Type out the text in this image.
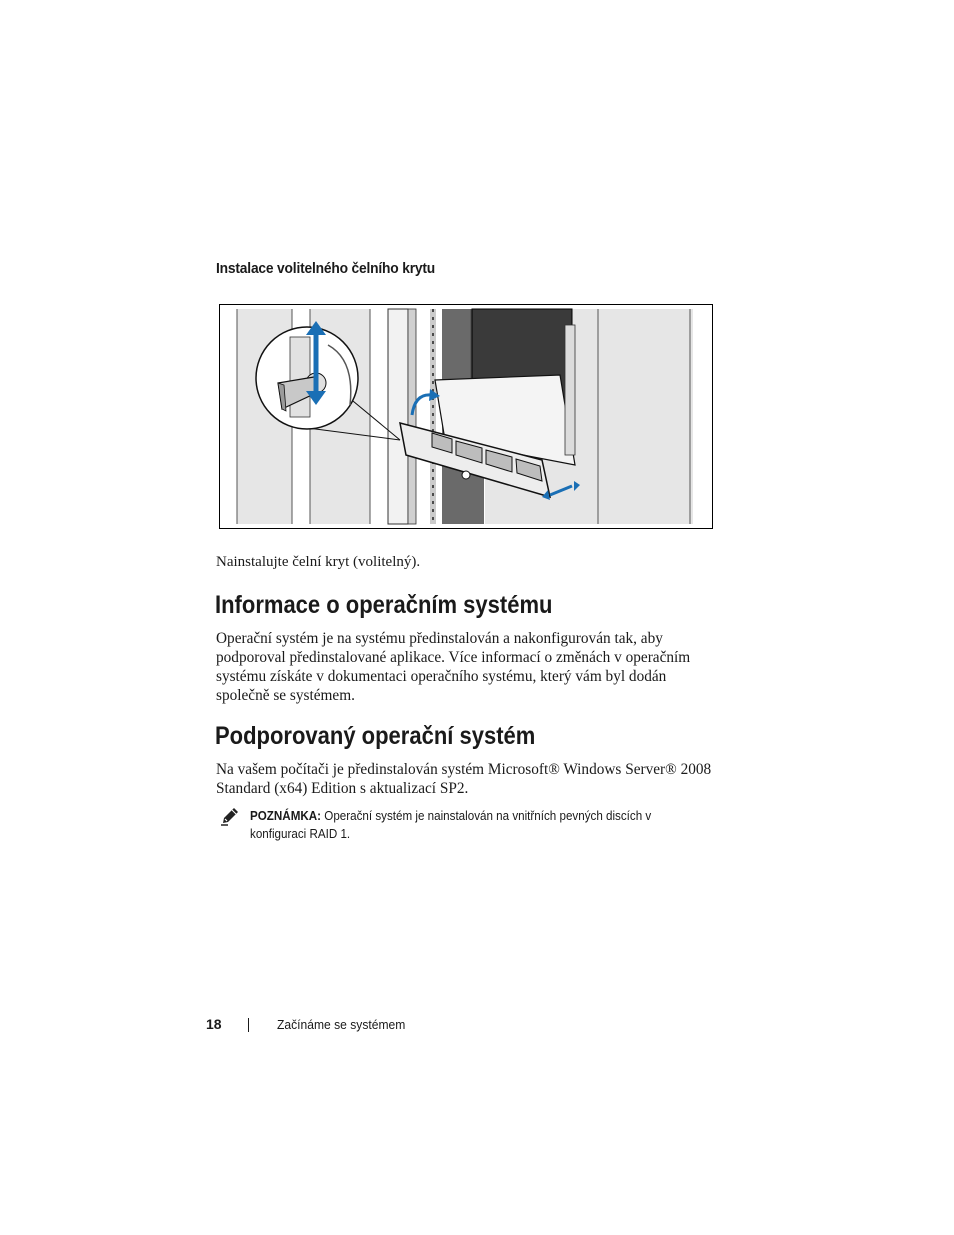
Instalace volitelného čelního krytu
Nainstalujte čelní kryt (volitelný).
Informace o operačním systému
Operační systém je na systému předinstalován a nakonfigurován tak, aby
podporoval předinstalované aplikace. Více informací o změnách v operačním
systému získáte v dokumentaci operačního systému, který vám byl dodán
společně se systémem.
Podporovaný operační systém
Na vašem počítači je předinstalován systém Microsoft® Windows Server® 2008
Standard (x64) Edition s aktualizací SP2.
POZNÁMKA: Operační systém je nainstalován na vnitřních pevných discích v
konfiguraci RAID 1.
18	Začínáme se systémem
